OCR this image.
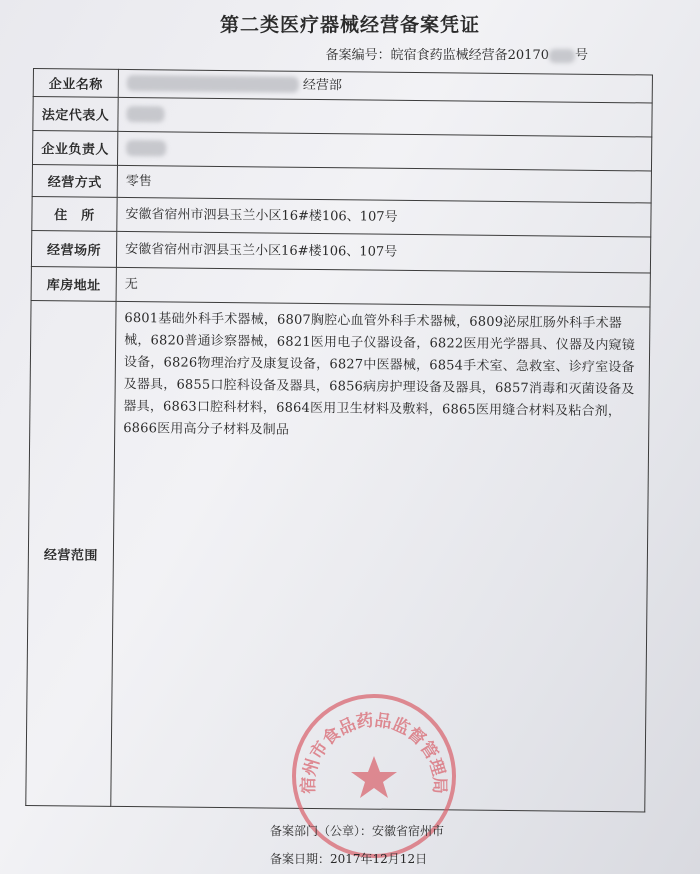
第二类医疗器械经营备案凭证
备案编号：皖宿食药监械经营备20170 号
企业名称	经营部
法定代表人	
企业负责人	
经营方式	零售
住　所	安徽省宿州市泗县玉兰小区16#楼106、107号
经营场所	安徽省宿州市泗县玉兰小区16#楼106、107号
库房地址	无
经营范围	6801基础外科手术器械，6807胸腔心血管外科手术器械，6809泌尿肛肠外科手术器械，6820普通诊察器械，6821医用电子仪器设备，6822医用光学器具、仪器及内窥镜设备，6826物理治疗及康复设备，6827中医器械，6854手术室、急救室、诊疗室设备及器具，6855口腔科设备及器具，6856病房护理设备及器具，6857消毒和灭菌设备及器具，6863口腔科材料，6864医用卫生材料及敷料，6865医用缝合材料及粘合剂，6866医用高分子材料及制品
宿州市食品药品监督管理局
备案部门（公章）：安徽省宿州市
备案日期：2017年12月12日
